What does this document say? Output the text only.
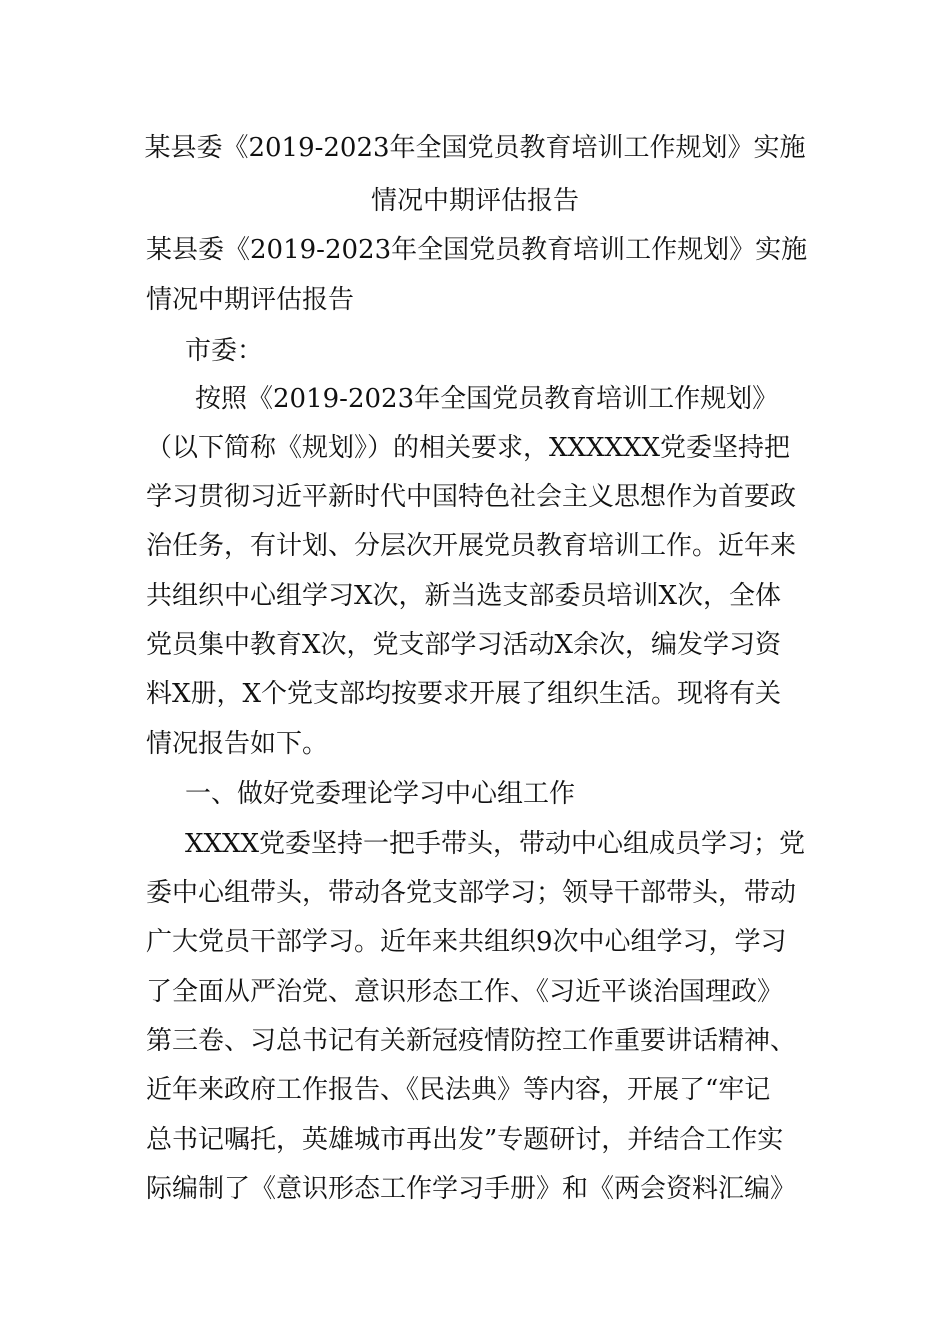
某县委《2019-2023年全国党员教育培训工作规划》实施
情况中期评估报告
某县委《2019-2023年全国党员教育培训工作规划》实施
情况中期评估报告
市委：
按照《2019-2023年全国党员教育培训工作规划》
（以下简称《规划》）的相关要求，XXXXXX党委坚持把
学习贯彻习近平新时代中国特色社会主义思想作为首要政
治任务，有计划、分层次开展党员教育培训工作。近年来
共组织中心组学习X次，新当选支部委员培训X次，全体
党员集中教育X次，党支部学习活动X余次，编发学习资
料X册，X个党支部均按要求开展了组织生活。现将有关
情况报告如下。
一、做好党委理论学习中心组工作
XXXX党委坚持一把手带头，带动中心组成员学习；党
委中心组带头，带动各党支部学习；领导干部带头，带动
广大党员干部学习。近年来共组织9次中心组学习，学习
了全面从严治党、意识形态工作、《习近平谈治国理政》
第三卷、习总书记有关新冠疫情防控工作重要讲话精神、
近年来政府工作报告、《民法典》等内容，开展了“牢记
总书记嘱托，英雄城市再出发”专题研讨，并结合工作实
际编制了《意识形态工作学习手册》和《两会资料汇编》
